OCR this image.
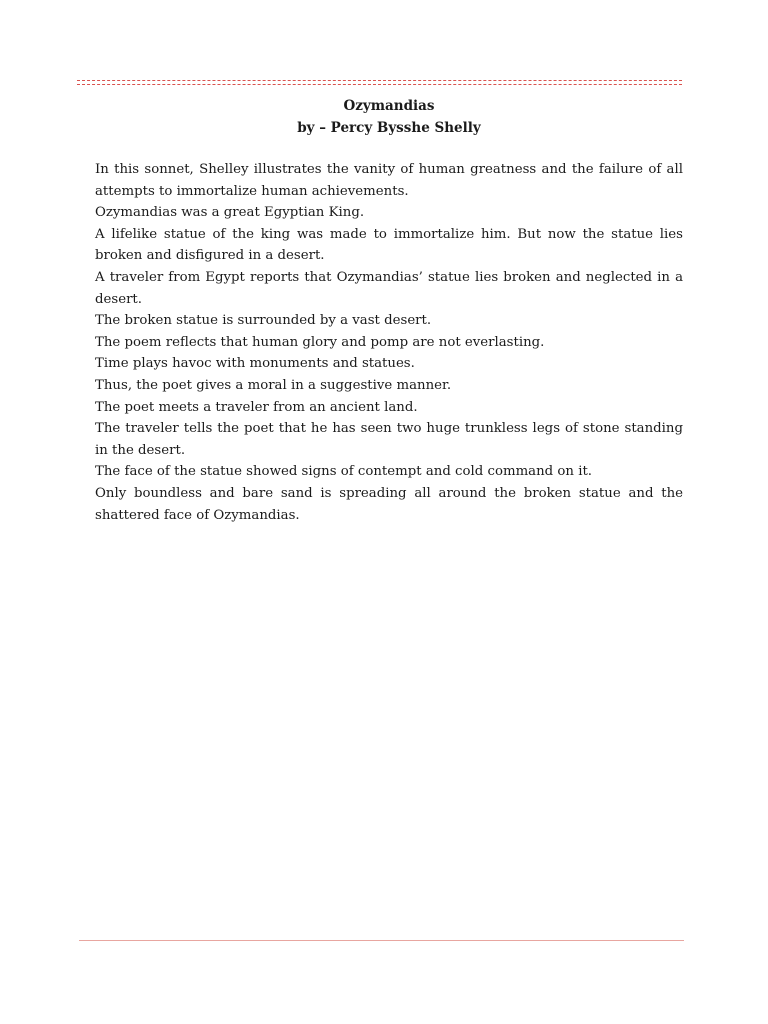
Ozymandias
by – Percy Bysshe Shelly

In this sonnet, Shelley illustrates the vanity of human greatness and the failure of all attempts to immortalize human achievements.

Ozymandias was a great Egyptian King.

A lifelike statue of the king was made to immortalize him. But now the statue lies broken and disfigured in a desert.

A traveler from Egypt reports that Ozymandias’ statue lies broken and neglected in a desert.

The broken statue is surrounded by a vast desert.

The poem reflects that human glory and pomp are not everlasting.

Time plays havoc with monuments and statues.

Thus, the poet gives a moral in a suggestive manner.

The poet meets a traveler from an ancient land.

The traveler tells the poet that he has seen two huge trunkless legs of stone standing in the desert.

The face of the statue showed signs of contempt and cold command on it.

Only boundless and bare sand is spreading all around the broken statue and the shattered face of Ozymandias.
